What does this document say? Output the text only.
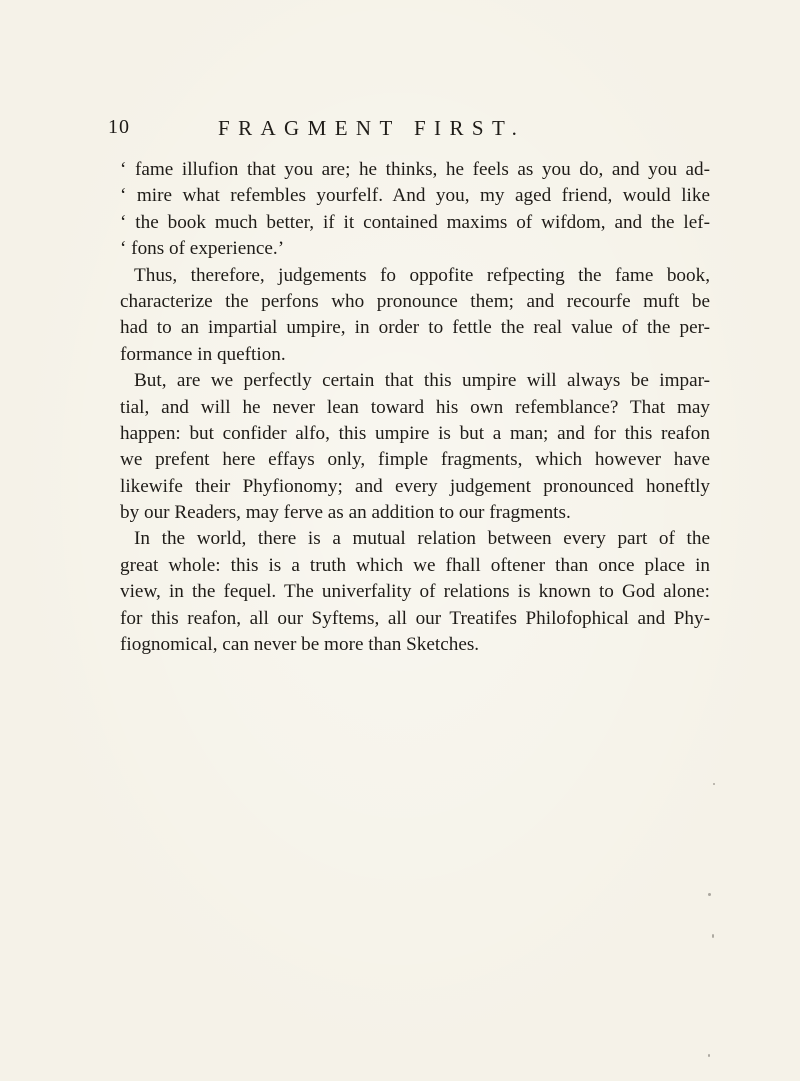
10	FRAGMENT FIRST.
‘ fame illufion that you are; he thinks, he feels as you do, and you ad-
‘ mire what refembles yourfelf. And you, my aged friend, would like
‘ the book much better, if it contained maxims of wifdom, and the lef-
‘ fons of experience.’
Thus, therefore, judgements fo oppofite refpecting the fame book,
characterize the perfons who pronounce them; and recourfe muft be
had to an impartial umpire, in order to fettle the real value of the per-
formance in queftion.
But, are we perfectly certain that this umpire will always be impar-
tial, and will he never lean toward his own refemblance? That may
happen: but confider alfo, this umpire is but a man; and for this reafon
we prefent here effays only, fimple fragments, which however have
likewife their Phyfionomy; and every judgement pronounced honeftly
by our Readers, may ferve as an addition to our fragments.
In the world, there is a mutual relation between every part of the
great whole: this is a truth which we fhall oftener than once place in
view, in the fequel. The univerfality of relations is known to God alone:
for this reafon, all our Syftems, all our Treatifes Philofophical and Phy-
fiognomical, can never be more than Sketches.
